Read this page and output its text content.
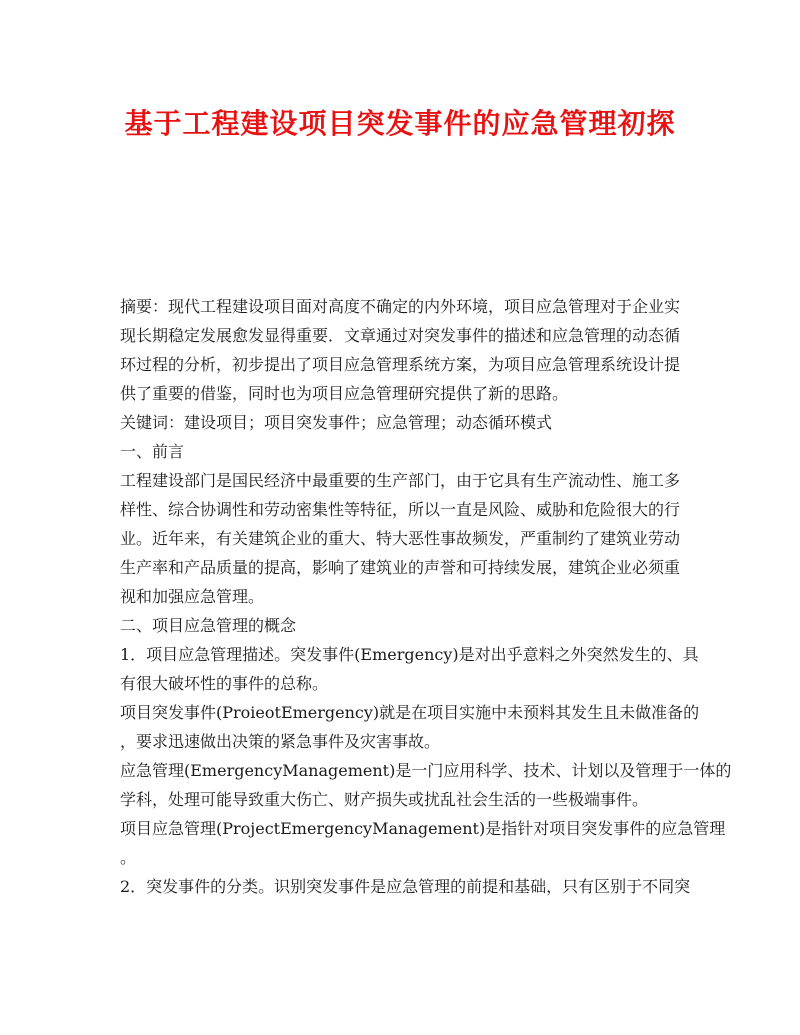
基于工程建设项目突发事件的应急管理初探
摘要：现代工程建设项目面对高度不确定的内外环境，项目应急管理对于企业实
现长期稳定发展愈发显得重要．文章通过对突发事件的描述和应急管理的动态循
环过程的分析，初步提出了项目应急管理系统方案，为项目应急管理系统设计提
供了重要的借鉴，同时也为项目应急管理研究提供了新的思路。
关键词：建设项目；项目突发事件；应急管理；动态循环模式
一、前言
工程建设部门是国民经济中最重要的生产部门，由于它具有生产流动性、施工多
样性、综合协调性和劳动密集性等特征，所以一直是风险、威胁和危险很大的行
业。近年来，有关建筑企业的重大、特大恶性事故频发，严重制约了建筑业劳动
生产率和产品质量的提高，影响了建筑业的声誉和可持续发展，建筑企业必须重
视和加强应急管理。
二、项目应急管理的概念
1．项目应急管理描述。突发事件(Emergency)是对出乎意料之外突然发生的、具
有很大破坏性的事件的总称。
项目突发事件(ProieotEmergency)就是在项目实施中未预料其发生且未做准备的
，要求迅速做出决策的紧急事件及灾害事故。
应急管理(EmergencyManagement)是一门应用科学、技术、计划以及管理于一体的
学科，处理可能导致重大伤亡、财产损失或扰乱社会生活的一些极端事件。
项目应急管理(ProjectEmergencyManagement)是指针对项目突发事件的应急管理
。
2．突发事件的分类。识别突发事件是应急管理的前提和基础，只有区别于不同突
